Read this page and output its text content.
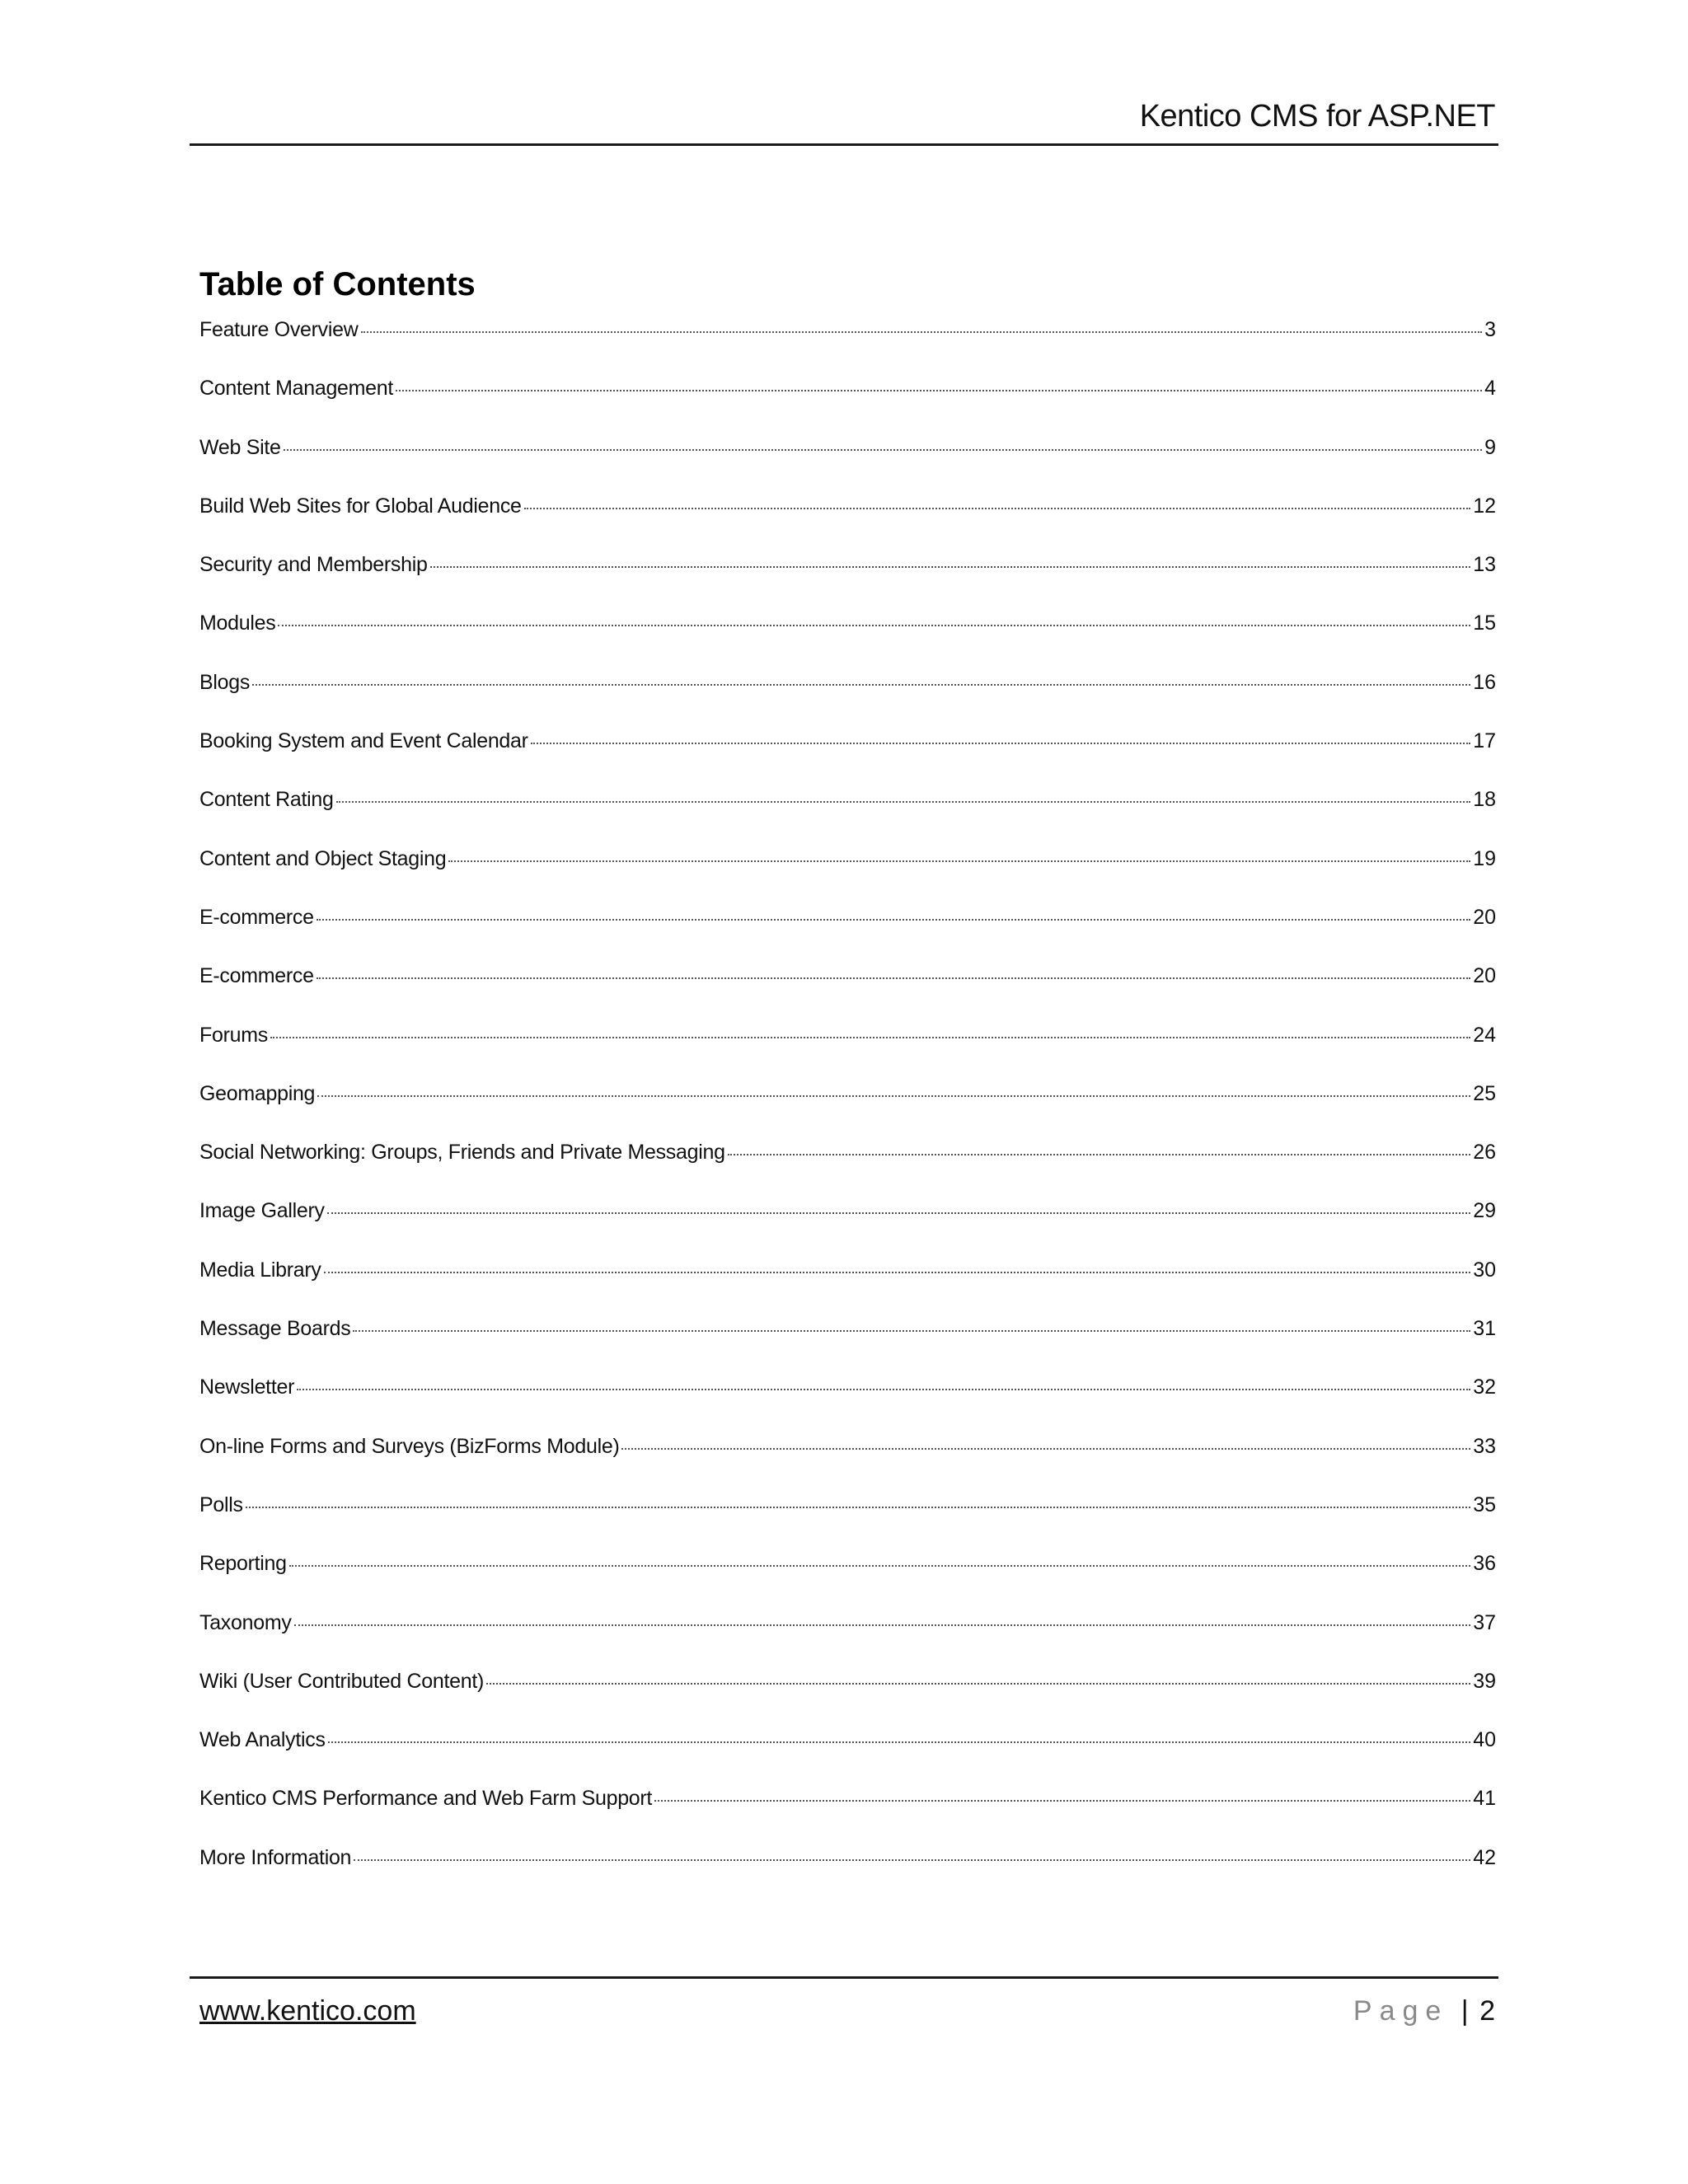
Kentico CMS for ASP.NET
Table of Contents
Feature Overview	3
Content Management	4
Web Site	9
Build Web Sites for Global Audience	12
Security and Membership	13
Modules	15
Blogs	16
Booking System and Event Calendar	17
Content Rating	18
Content and Object Staging	19
E-commerce	20
E-commerce	20
Forums	24
Geomapping	25
Social Networking: Groups, Friends and Private Messaging	26
Image Gallery	29
Media Library	30
Message Boards	31
Newsletter	32
On-line Forms and Surveys (BizForms Module)	33
Polls	35
Reporting	36
Taxonomy	37
Wiki (User Contributed Content)	39
Web Analytics	40
Kentico CMS Performance and Web Farm Support	41
More Information	42
www.kentico.com	Page | 2
